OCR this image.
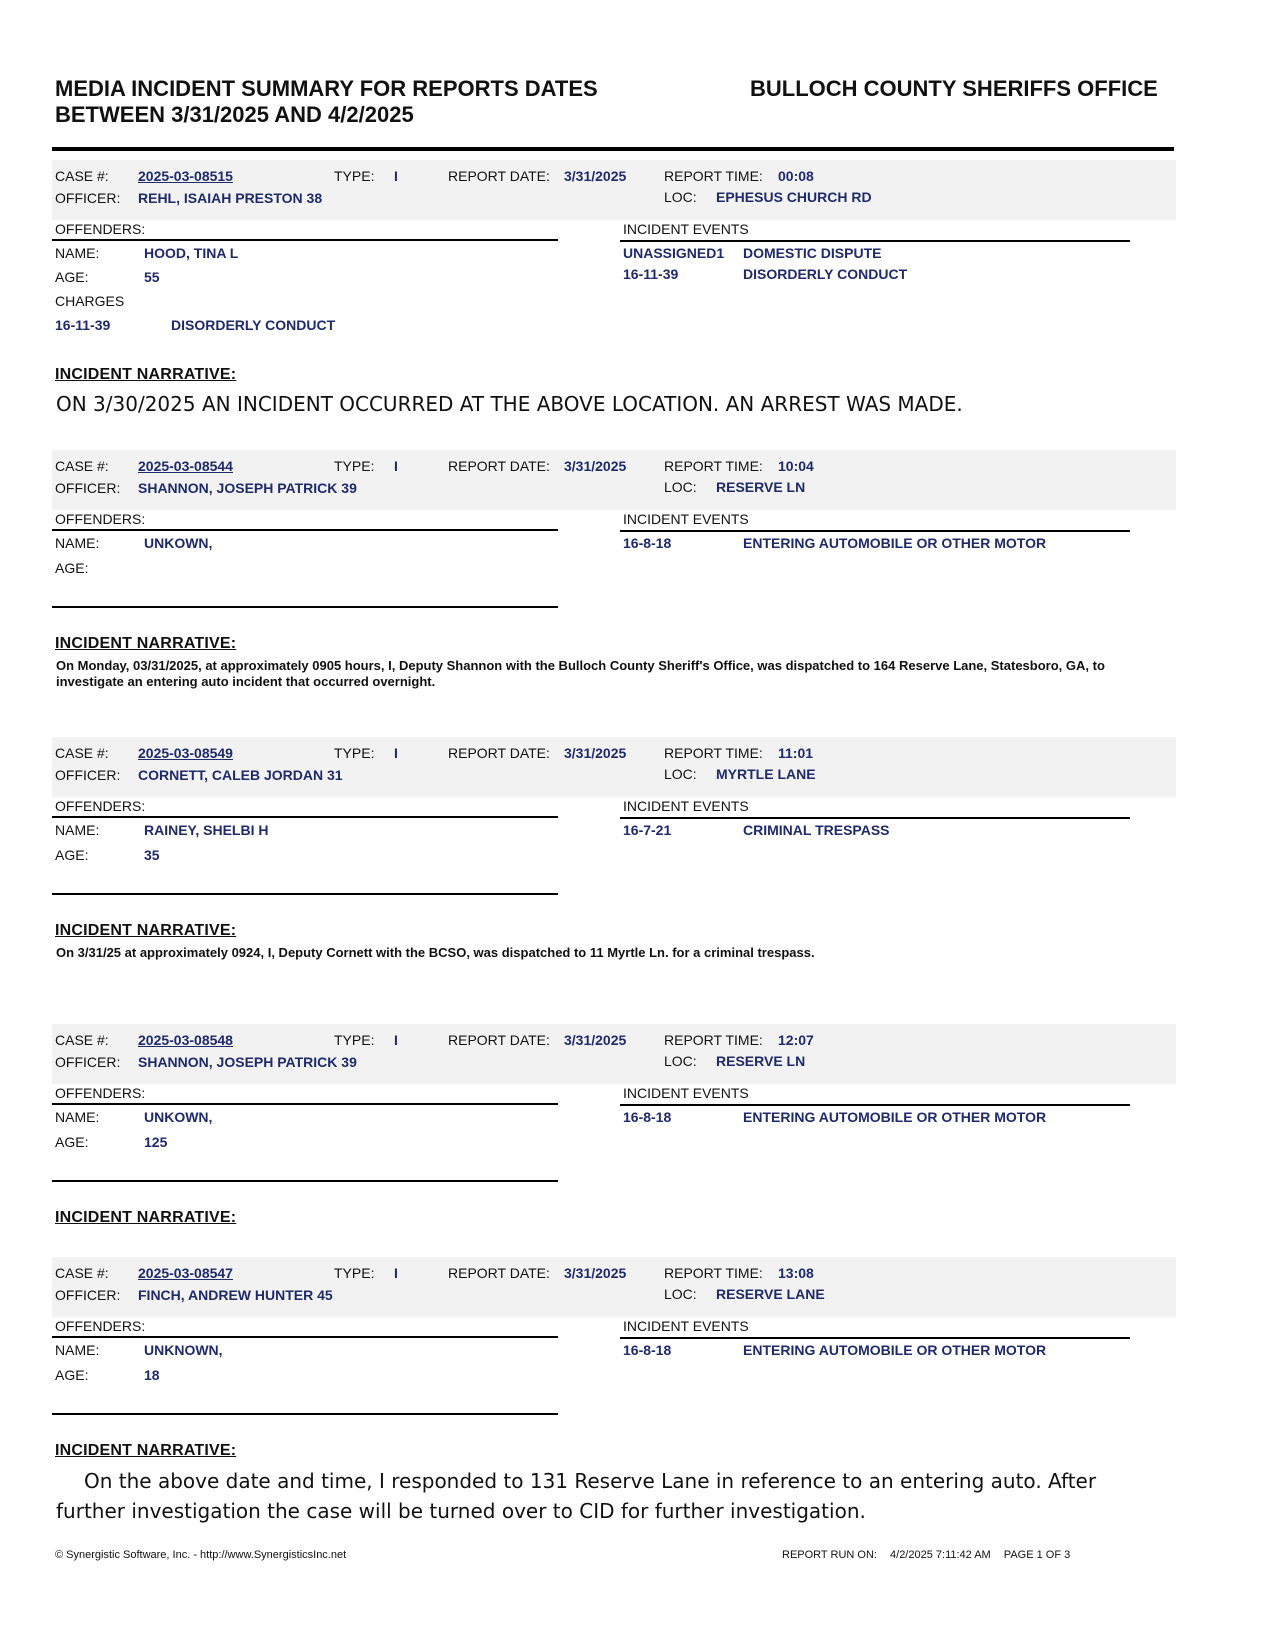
MEDIA INCIDENT SUMMARY FOR REPORTS DATES BETWEEN 3/31/2025 AND 4/2/2025
BULLOCH COUNTY SHERIFFS OFFICE
CASE #: 2025-03-08515	TYPE: I	REPORT DATE: 3/31/2025	REPORT TIME: 00:08
OFFICER: REHL, ISAIAH PRESTON 38	LOC: EPHESUS CHURCH RD
OFFENDERS:
NAME:	HOOD, TINA L
AGE:	55
CHARGES
16-11-39	DISORDERLY CONDUCT
INCIDENT EVENTS
UNASSIGNED1 DOMESTIC DISPUTE
16-11-39	DISORDERLY CONDUCT
INCIDENT NARRATIVE:
ON 3/30/2025 AN INCIDENT OCCURRED AT THE ABOVE LOCATION. AN ARREST WAS MADE.
CASE #: 2025-03-08544	TYPE: I	REPORT DATE: 3/31/2025	REPORT TIME: 10:04
OFFICER: SHANNON, JOSEPH PATRICK 39	LOC: RESERVE LN
OFFENDERS:
NAME:	UNKOWN,
AGE:
INCIDENT EVENTS
16-8-18	ENTERING AUTOMOBILE OR OTHER MOTOR
INCIDENT NARRATIVE:
On Monday, 03/31/2025, at approximately 0905 hours, I, Deputy Shannon with the Bulloch County Sheriff's Office, was dispatched to 164 Reserve Lane, Statesboro, GA, to investigate an entering auto incident that occurred overnight.
CASE #: 2025-03-08549	TYPE: I	REPORT DATE: 3/31/2025	REPORT TIME: 11:01
OFFICER: CORNETT, CALEB JORDAN 31	LOC: MYRTLE LANE
OFFENDERS:
NAME:	RAINEY, SHELBI H
AGE:	35
INCIDENT EVENTS
16-7-21	CRIMINAL TRESPASS
INCIDENT NARRATIVE:
On 3/31/25 at approximately 0924, I, Deputy Cornett with the BCSO, was dispatched to 11 Myrtle Ln. for a criminal trespass.
CASE #: 2025-03-08548	TYPE: I	REPORT DATE: 3/31/2025	REPORT TIME: 12:07
OFFICER: SHANNON, JOSEPH PATRICK 39	LOC: RESERVE LN
OFFENDERS:
NAME:	UNKOWN,
AGE:	125
INCIDENT EVENTS
16-8-18	ENTERING AUTOMOBILE OR OTHER MOTOR
INCIDENT NARRATIVE:
CASE #: 2025-03-08547	TYPE: I	REPORT DATE: 3/31/2025	REPORT TIME: 13:08
OFFICER: FINCH, ANDREW HUNTER 45	LOC: RESERVE LANE
OFFENDERS:
NAME:	UNKNOWN,
AGE:	18
INCIDENT EVENTS
16-8-18	ENTERING AUTOMOBILE OR OTHER MOTOR
INCIDENT NARRATIVE:
On the above date and time, I responded to 131 Reserve Lane in reference to an entering auto. After
further investigation the case will be turned over to CID for further investigation.
© Synergistic Software, Inc. - http://www.SynergisticsInc.net	REPORT RUN ON: 4/2/2025 7:11:42 AM PAGE 1 OF 3
